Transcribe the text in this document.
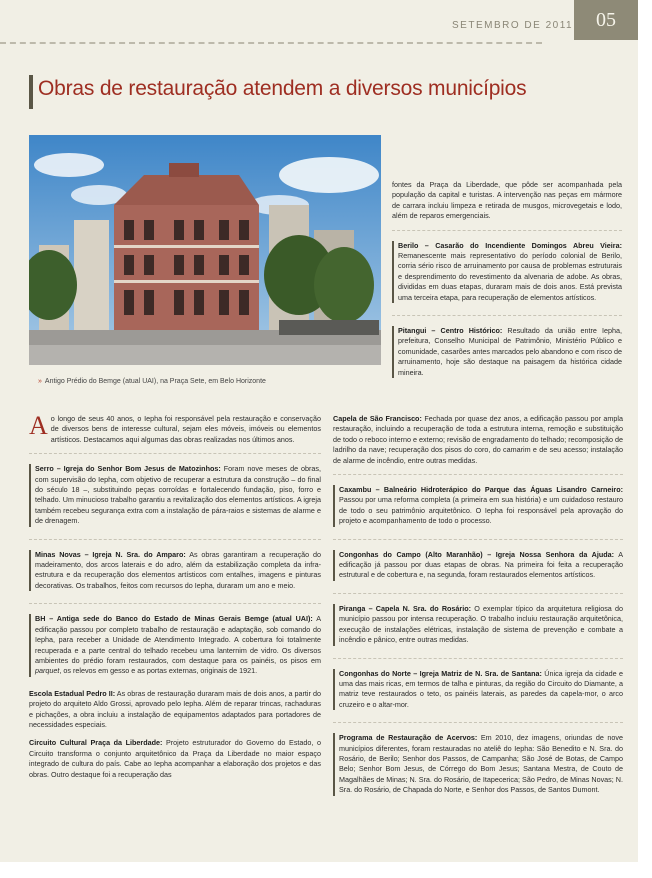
SETEMBRO DE 2011	05
Obras de restauração atendem a diversos municípios
» Antigo Prédio do Bemge (atual UAI), na Praça Sete, em Belo Horizonte

fontes da Praça da Liberdade, que pôde ser acompanhada pela população da capital e turistas. A intervenção nas peças em mármore de carrara incluiu limpeza e retirada de musgos, microvegetais e lodo, além de reparos emergenciais.

Berilo – Casarão do Incendiente Domingos Abreu Vieira: Remanescente mais representativo do período colonial de Berilo, corria sério risco de arruinamento por causa de problemas estruturais e desprendimento do revestimento da alvenaria de adobe. As obras, divididas em duas etapas, duraram mais de dois anos. Está prevista uma terceira etapa, para recuperação de elementos artísticos.
Pitangui – Centro Histórico: Resultado da união entre Iepha, prefeitura, Conselho Municipal de Patrimônio, Ministério Público e comunidade, casarões antes marcados pelo abandono e com risco de arruinamento, hoje são destaque na paisagem da histórica cidade mineira.

Ao longo de seus 40 anos, o Iepha foi responsável pela restauração e conservação de diversos bens de interesse cultural, sejam eles móveis, imóveis ou elementos artísticos. Destacamos aqui algumas das obras realizadas nos últimos anos.

Serro – Igreja do Senhor Bom Jesus de Matozinhos: Foram nove meses de obras, com supervisão do Iepha, com objetivo de recuperar a estrutura da construção – do final do século 18 –, substituindo peças corroídas e fortalecendo fundação, piso, forro e telhado. Um minucioso trabalho garantiu a revitalização dos elementos artísticos. A igreja também recebeu segurança extra com a instalação de pára-raios e sistemas de alarme e de drenagem.
Minas Novas – Igreja N. Sra. do Amparo: As obras garantiram a recuperação do madeiramento, dos arcos laterais e do adro, além da estabilização completa da infra-estrutura e da recuperação dos elementos artísticos com entalhes, imagens e pinturas decorativas. Os trabalhos, feitos com recursos do Iepha, duraram um ano e meio.
BH – Antiga sede do Banco do Estado de Minas Gerais Bemge (atual UAI): A edificação passou por completo trabalho de restauração e adaptação, sob comando do Iepha, para receber a Unidade de Atendimento Integrado. A cobertura foi totalmente recuperada e a parte central do telhado recebeu uma lanternim de vidro. Os diversos ambientes do prédio foram restaurados, com destaque para os painéis, os pisos em parquet, os relevos em gesso e as portas externas, originais de 1921.

Escola Estadual Pedro II: As obras de restauração duraram mais de dois anos, a partir do projeto do arquiteto Aldo Grossi, aprovado pelo Iepha. Além de reparar trincas, rachaduras e pichações, a obra incluiu a instalação de equipamentos adaptados para portadores de necessidades especiais.

Circuito Cultural Praça da Liberdade: Projeto estruturador do Governo do Estado, o Circuito transforma o conjunto arquitetônico da Praça da Liberdade no maior espaço integrado de cultura do país. Cabe ao Iepha acompanhar a elaboração dos projetos e das obras. Outro destaque foi a recuperação das

Capela de São Francisco: Fechada por quase dez anos, a edificação passou por ampla restauração, incluindo a recuperação de toda a estrutura interna, remoção e substituição de todo o reboco interno e externo; revisão de engradamento do telhado; recomposição de ladrilho da nave; recuperação dos pisos do coro, do camarim e de seu acesso; instalação de alarme de incêndio, entre outras medidas.

Caxambu – Balneário Hidroterápico do Parque das Águas Lisandro Carneiro: Passou por uma reforma completa (a primeira em sua história) e um cuidadoso restauro de todo o seu patrimônio arquitetônico. O Iepha foi responsável pela aprovação do projeto e acompanhamento de todo o processo.
Congonhas do Campo (Alto Maranhão) – Igreja Nossa Senhora da Ajuda: A edificação já passou por duas etapas de obras. Na primeira foi feita a recuperação estrutural e de cobertura e, na segunda, foram restaurados elementos artísticos.
Piranga – Capela N. Sra. do Rosário: O exemplar típico da arquitetura religiosa do município passou por intensa recuperação. O trabalho incluiu restauração arquitetônica, execução de instalações elétricas, instalação de sistema de prevenção e combate a incêndio e pânico, entre outras medidas.
Congonhas do Norte – Igreja Matriz de N. Sra. de Santana: Única igreja da cidade e uma das mais ricas, em termos de talha e pinturas, da região do Circuito do Diamante, a matriz teve restaurados o teto, os painéis laterais, as paredes da capela-mor, o arco cruzeiro e o altar-mor.
Programa de Restauração de Acervos: Em 2010, dez imagens, oriundas de nove municípios diferentes, foram restauradas no ateliê do Iepha: São Benedito e N. Sra. do Rosário, de Berilo; Senhor dos Passos, de Campanha; São José de Botas, de Campo Belo; Senhor Bom Jesus, de Córrego do Bom Jesus; Santana Mestra, de Couto de Magalhães de Minas; N. Sra. do Rosário, de Itapecerica; São Pedro, de Minas Novas; N. Sra. do Rosário, de Chapada do Norte, e Senhor dos Passos, de Santos Dumont.
